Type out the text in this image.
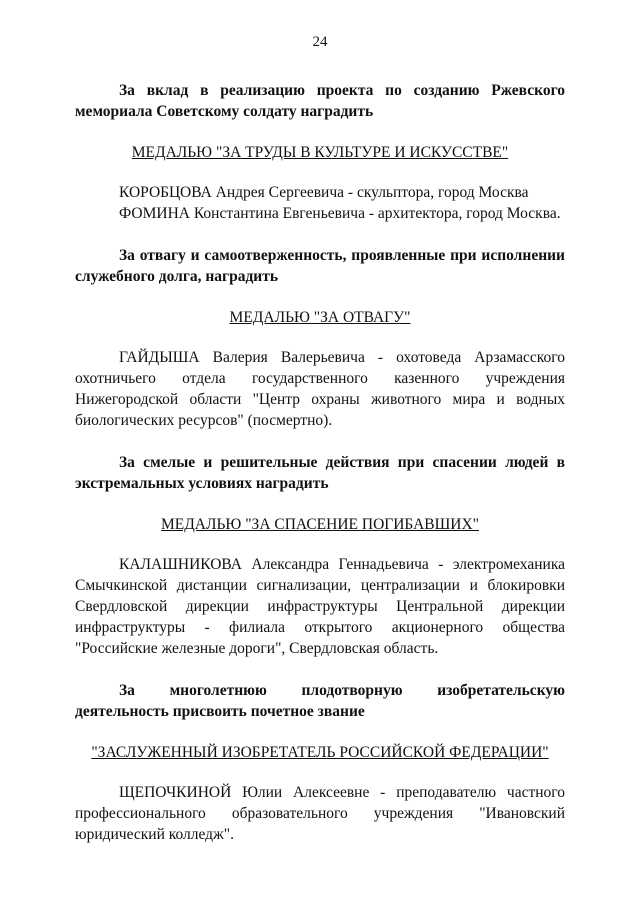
24

За вклад в реализацию проекта по созданию Ржевского мемориала Советскому солдату наградить

МЕДАЛЬЮ "ЗА ТРУДЫ В КУЛЬТУРЕ И ИСКУССТВЕ"

КОРОБЦОВА Андрея Сергеевича - скульптора, город Москва

ФОМИНА Константина Евгеньевича - архитектора, город Москва.

За отвагу и самоотверженность, проявленные при исполнении служебного долга, наградить

МЕДАЛЬЮ "ЗА ОТВАГУ"

ГАЙДЫША Валерия Валерьевича - охотоведа Арзамасского охотничьего отдела государственного казенного учреждения Нижегородской области "Центр охраны животного мира и водных биологических ресурсов" (посмертно).

За смелые и решительные действия при спасении людей в экстремальных условиях наградить

МЕДАЛЬЮ "ЗА СПАСЕНИЕ ПОГИБАВШИХ"

КАЛАШНИКОВА Александра Геннадьевича - электромеханика Смычкинской дистанции сигнализации, централизации и блокировки Свердловской дирекции инфраструктуры Центральной дирекции инфраструктуры - филиала открытого акционерного общества "Российские железные дороги", Свердловская область.

За многолетнюю плодотворную изобретательскую деятельность присвоить почетное звание

"ЗАСЛУЖЕННЫЙ ИЗОБРЕТАТЕЛЬ РОССИЙСКОЙ ФЕДЕРАЦИИ"

ЩЕПОЧКИНОЙ Юлии Алексеевне - преподавателю частного профессионального образовательного учреждения "Ивановский юридический колледж".
